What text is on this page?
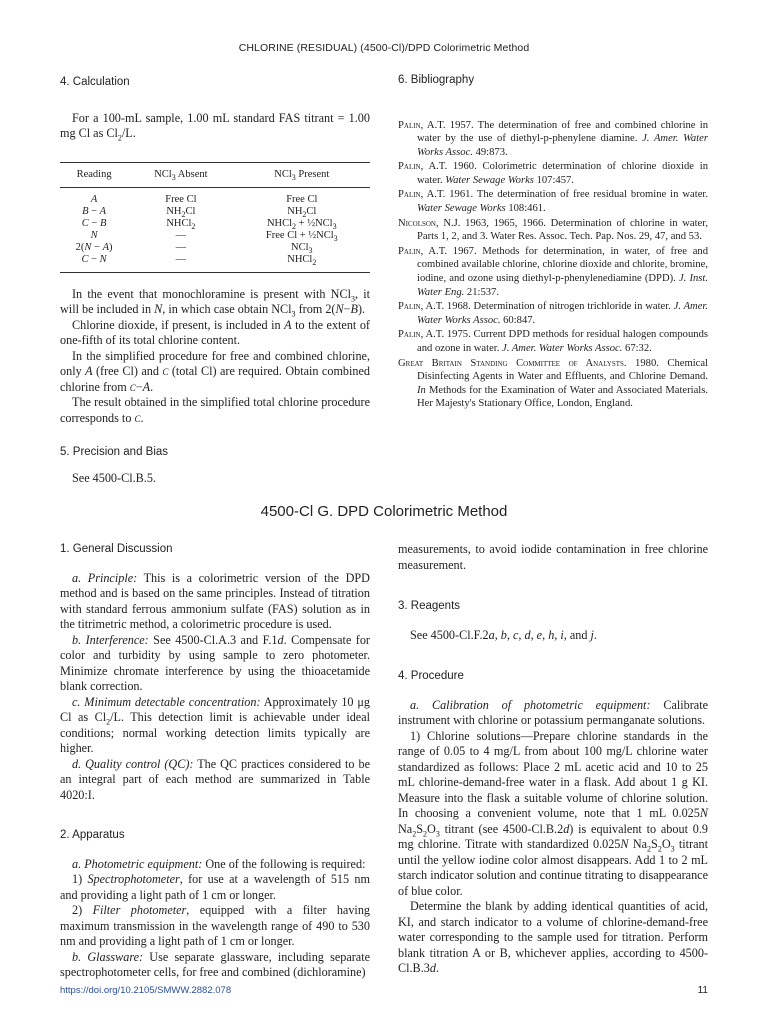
CHLORINE (RESIDUAL) (4500-Cl)/DPD Colorimetric Method
4. Calculation

For a 100-mL sample, 1.00 mL standard FAS titrant = 1.00 mg Cl as $Cl_2/L$.

Reading	NCl$_3$ Absent	NCl$_3$ Present
A	Free Cl	Free Cl
B − A	$NH_2Cl$	$NH_2Cl$
C − B	NHCl$_2$	NHCl$_2$ + ½NCl$_3$
N	—	Free Cl + ½NCl$_3$
2(N − A)	—	NCl$_3$
C − N	—	NHCl$_2$

In the event that monochloramine is present with NCl$_3$, it will be included in N, in which case obtain NCl$_3$ from 2(N−B).

Chlorine dioxide, if present, is included in A to the extent of one-fifth of its total chlorine content.

In the simplified procedure for free and combined chlorine, only A (free Cl) and c (total Cl) are required. Obtain combined chlorine from c−A.

The result obtained in the simplified total chlorine procedure corresponds to c.

5. Precision and Bias

See 4500-Cl.B.5.

6. Bibliography
Palin, A.T. 1957. The determination of free and combined chlorine in water by the use of diethyl-p-phenylene diamine. J. Amer. Water Works Assoc. 49:873.
Palin, A.T. 1960. Colorimetric determination of chlorine dioxide in water. Water Sewage Works 107:457.
Palin, A.T. 1961. The determination of free residual bromine in water. Water Sewage Works 108:461.
Nicolson, N.J. 1963, 1965, 1966. Determination of chlorine in water, Parts 1, 2, and 3. Water Res. Assoc. Tech. Pap. Nos. 29, 47, and 53.
Palin, A.T. 1967. Methods for determination, in water, of free and combined available chlorine, chlorine dioxide and chlorite, bromine, iodine, and ozone using diethyl-p-phenylenediamine (DPD). J. Inst. Water Eng. 21:537.
Palin, A.T. 1968. Determination of nitrogen trichloride in water. J. Amer. Water Works Assoc. 60:847.
Palin, A.T. 1975. Current DPD methods for residual halogen compounds and ozone in water. J. Amer. Water Works Assoc. 67:32.
Great Britain Standing Committee of Analysts. 1980. Chemical Disinfecting Agents in Water and Effluents, and Chlorine Demand. In Methods for the Examination of Water and Associated Materials. Her Majesty's Stationary Office, London, England.
4500-Cl G. DPD Colorimetric Method
1. General Discussion

a. Principle: This is a colorimetric version of the DPD method and is based on the same principles. Instead of titration with standard ferrous ammonium sulfate (FAS) solution as in the titrimetric method, a colorimetric procedure is used.

b. Interference: See 4500-Cl.A.3 and F.1d. Compensate for color and turbidity by using sample to zero photometer. Minimize chromate interference by using the thioacetamide blank correction.

c. Minimum detectable concentration: Approximately 10 μg Cl as $Cl_2/L$. This detection limit is achievable under ideal conditions; normal working detection limits typically are higher.

d. Quality control (QC): The QC practices considered to be an integral part of each method are summarized in Table 4020:I.

2. Apparatus

a. Photometric equipment: One of the following is required:

1) Spectrophotometer, for use at a wavelength of 515 nm and providing a light path of 1 cm or longer.

2) Filter photometer, equipped with a filter having maximum transmission in the wavelength range of 490 to 530 nm and providing a light path of 1 cm or longer.

b. Glassware: Use separate glassware, including separate spectrophotometer cells, for free and combined (dichloramine)

measurements, to avoid iodide contamination in free chlorine measurement.

3. Reagents

See 4500-Cl.F.2a, b, c, d, e, h, i, and j.

4. Procedure

a. Calibration of photometric equipment: Calibrate instrument with chlorine or potassium permanganate solutions.

1) Chlorine solutions—Prepare chlorine standards in the range of 0.05 to 4 mg/L from about 100 mg/L chlorine water standardized as follows: Place 2 mL acetic acid and 10 to 25 mL chlorine-demand-free water in a flask. Add about 1 g KI. Measure into the flask a suitable volume of chlorine solution. In choosing a convenient volume, note that 1 mL 0.025N $Na_2S_2O_3$ titrant (see 4500-Cl.B.2d) is equivalent to about 0.9 mg chlorine. Titrate with standardized 0.025N $Na_2S_2O_3$ titrant until the yellow iodine color almost disappears. Add 1 to 2 mL starch indicator solution and continue titrating to disappearance of blue color.

Determine the blank by adding identical quantities of acid, KI, and starch indicator to a volume of chlorine-demand-free water corresponding to the sample used for titration. Perform blank titration A or B, whichever applies, according to 4500-Cl.B.3d.

https://doi.org/10.2105/SMWW.2882.078	11
